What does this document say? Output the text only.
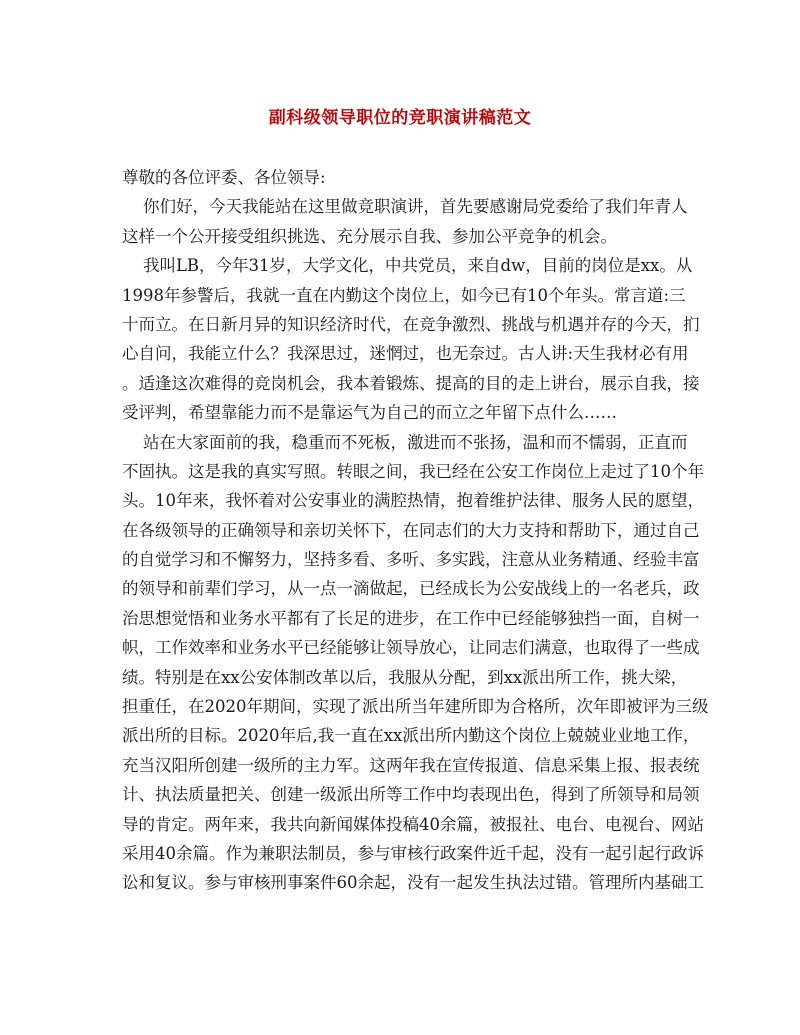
副科级领导职位的竞职演讲稿范文
尊敬的各位评委、各位领导:
你们好，今天我能站在这里做竞职演讲，首先要感谢局党委给了我们年青人
这样一个公开接受组织挑选、充分展示自我、参加公平竞争的机会。
我叫LB，今年31岁，大学文化，中共党员，来自dw，目前的岗位是xx。从
1998年参警后，我就一直在内勤这个岗位上，如今已有10个年头。常言道:三
十而立。在日新月异的知识经济时代，在竞争激烈、挑战与机遇并存的今天，扪
心自问，我能立什么？我深思过，迷惘过，也无奈过。古人讲:天生我材必有用
。适逢这次难得的竞岗机会，我本着锻炼、提高的目的走上讲台，展示自我，接
受评判，希望靠能力而不是靠运气为自己的而立之年留下点什么……
站在大家面前的我，稳重而不死板，激进而不张扬，温和而不懦弱，正直而
不固执。这是我的真实写照。转眼之间，我已经在公安工作岗位上走过了10个年
头。10年来，我怀着对公安事业的满腔热情，抱着维护法律、服务人民的愿望，
在各级领导的正确领导和亲切关怀下，在同志们的大力支持和帮助下，通过自己
的自觉学习和不懈努力，坚持多看、多听、多实践，注意从业务精通、经验丰富
的领导和前辈们学习，从一点一滴做起，已经成长为公安战线上的一名老兵，政
治思想觉悟和业务水平都有了长足的进步，在工作中已经能够独挡一面，自树一
帜，工作效率和业务水平已经能够让领导放心，让同志们满意，也取得了一些成
绩。特别是在xx公安体制改革以后，我服从分配，到xx派出所工作，挑大梁，
担重任，在2020年期间，实现了派出所当年建所即为合格所，次年即被评为三级
派出所的目标。2020年后,我一直在xx派出所内勤这个岗位上兢兢业业地工作，
充当汉阳所创建一级所的主力军。这两年我在宣传报道、信息采集上报、报表统
计、执法质量把关、创建一级派出所等工作中均表现出色，得到了所领导和局领
导的肯定。两年来，我共向新闻媒体投稿40余篇，被报社、电台、电视台、网站
采用40余篇。作为兼职法制员，参与审核行政案件近千起，没有一起引起行政诉
讼和复议。参与审核刑事案件60余起，没有一起发生执法过错。管理所内基础工
